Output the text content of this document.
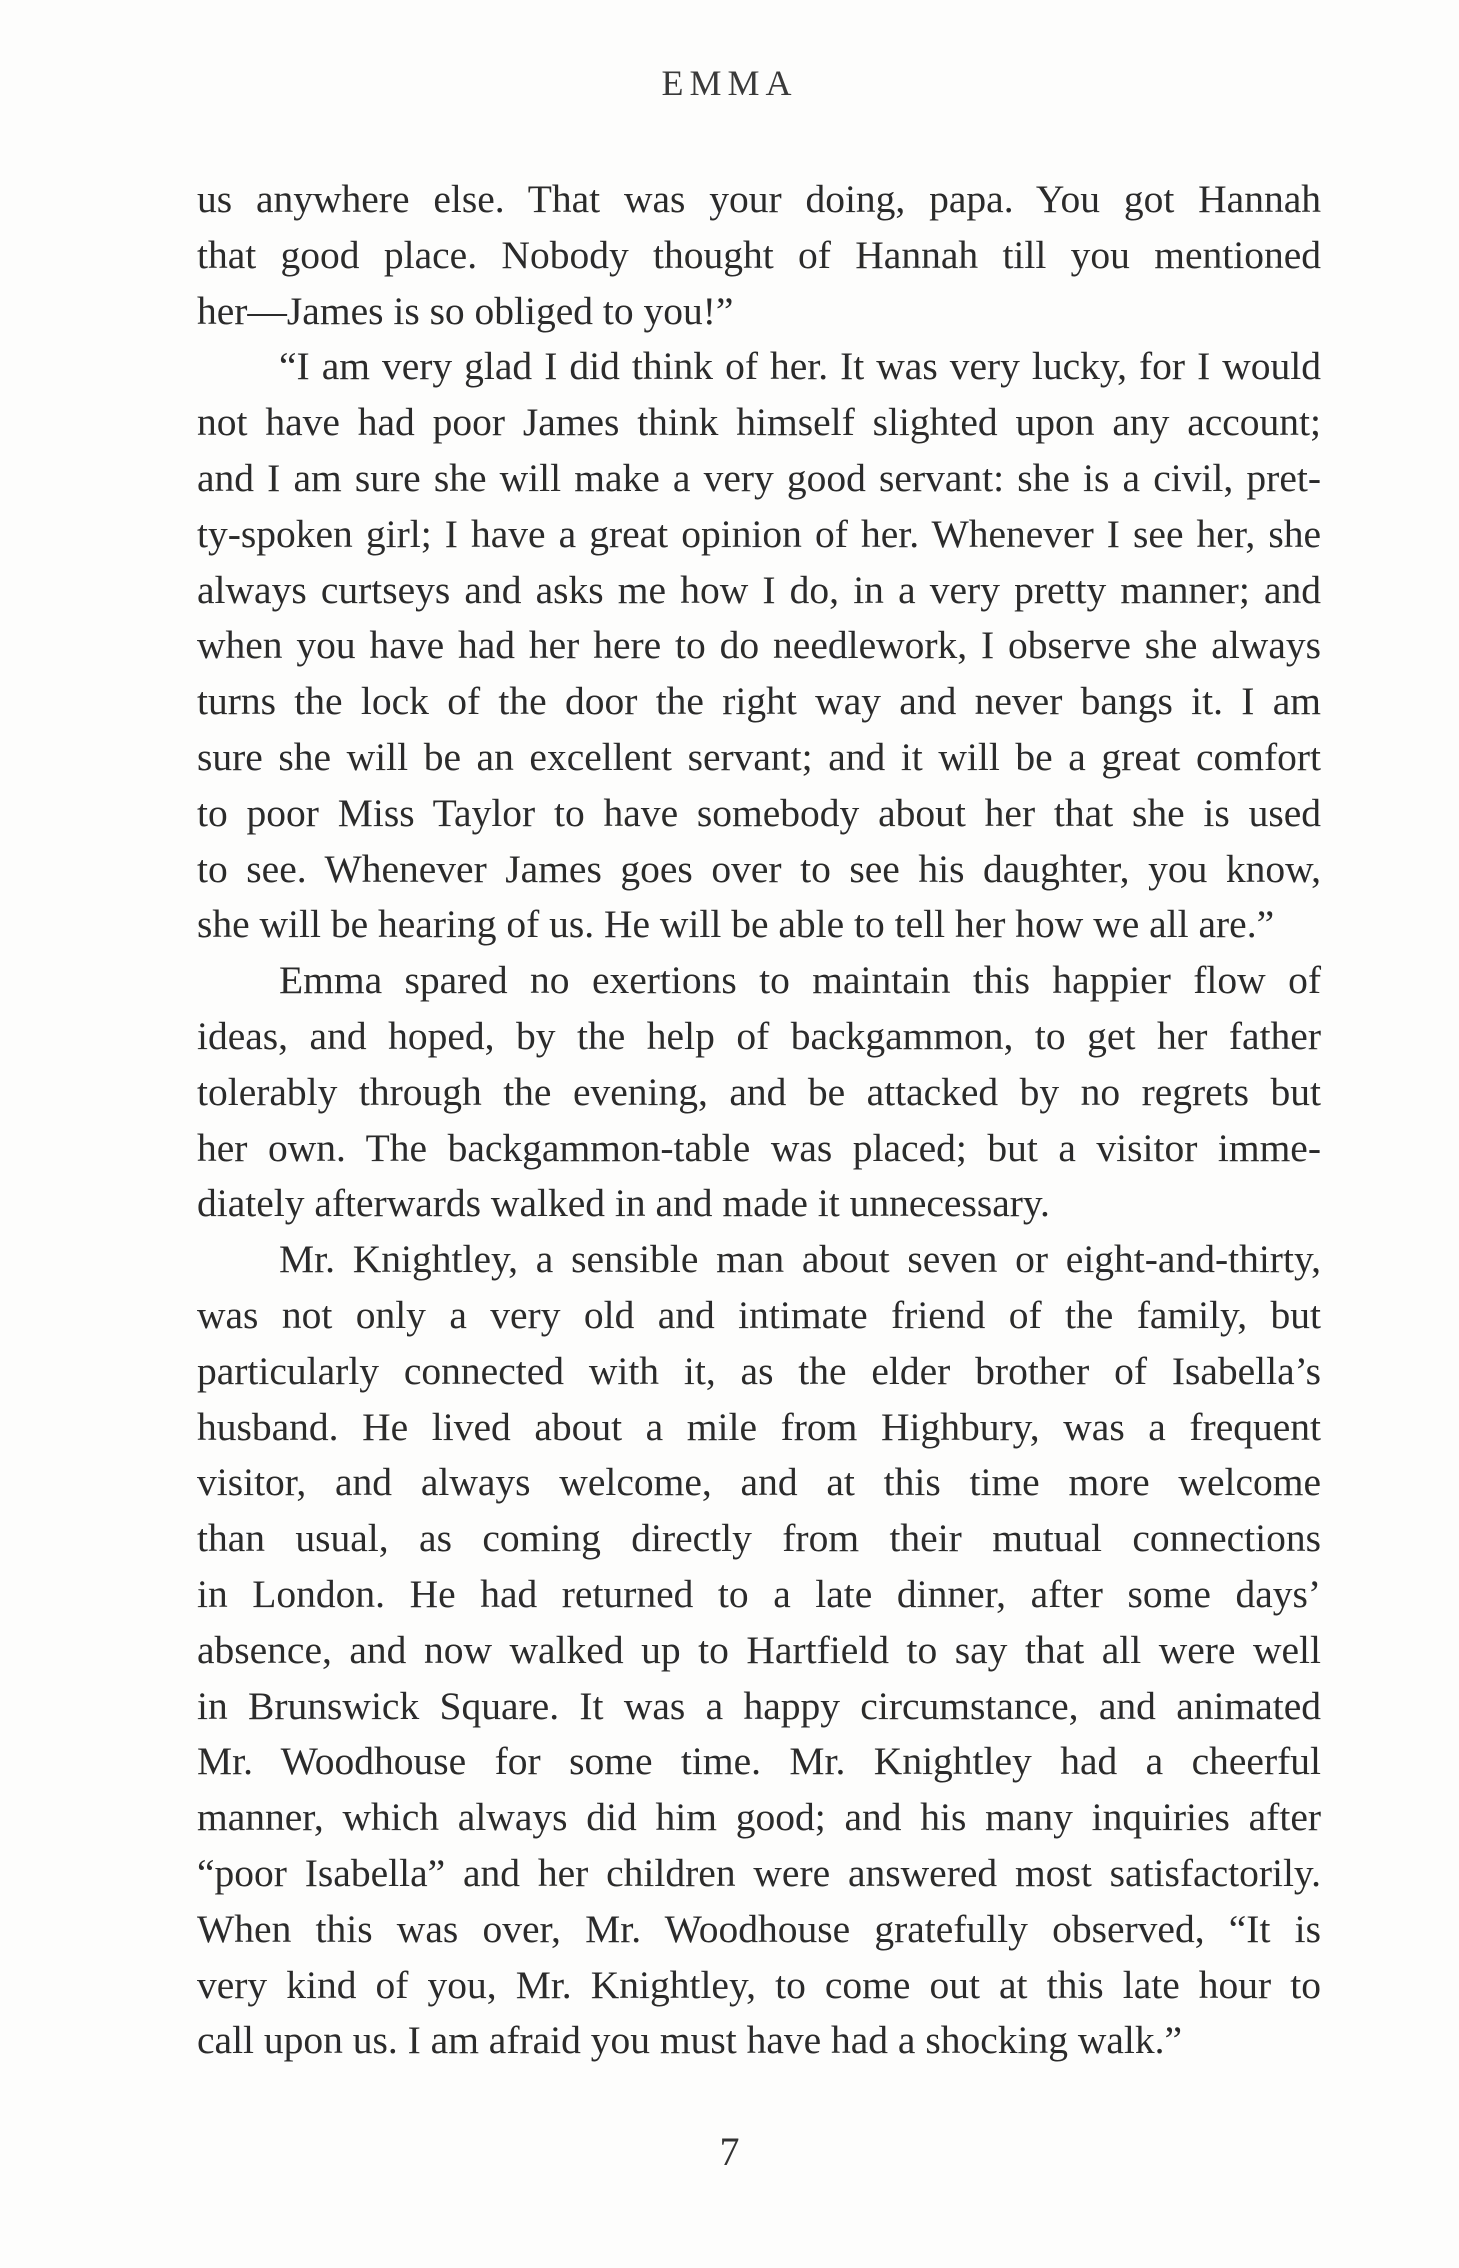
EMMA
us anywhere else. That was your doing, papa. You got Hannah
that good place. Nobody thought of Hannah till you mentioned
her—James is so obliged to you!”
“I am very glad I did think of her. It was very lucky, for I would
not have had poor James think himself slighted upon any account;
and I am sure she will make a very good servant: she is a civil, pret-
ty-spoken girl; I have a great opinion of her. Whenever I see her, she
always curtseys and asks me how I do, in a very pretty manner; and
when you have had her here to do needlework, I observe she always
turns the lock of the door the right way and never bangs it. I am
sure she will be an excellent servant; and it will be a great comfort
to poor Miss Taylor to have somebody about her that she is used
to see. Whenever James goes over to see his daughter, you know,
she will be hearing of us. He will be able to tell her how we all are.”
Emma spared no exertions to maintain this happier flow of
ideas, and hoped, by the help of backgammon, to get her father
tolerably through the evening, and be attacked by no regrets but
her own. The backgammon-table was placed; but a visitor imme-
diately afterwards walked in and made it unnecessary.
Mr. Knightley, a sensible man about seven or eight-and-thirty,
was not only a very old and intimate friend of the family, but
particularly connected with it, as the elder brother of Isabella’s
husband. He lived about a mile from Highbury, was a frequent
visitor, and always welcome, and at this time more welcome
than usual, as coming directly from their mutual connections
in London. He had returned to a late dinner, after some days’
absence, and now walked up to Hartfield to say that all were well
in Brunswick Square. It was a happy circumstance, and animated
Mr. Woodhouse for some time. Mr. Knightley had a cheerful
manner, which always did him good; and his many inquiries after
“poor Isabella” and her children were answered most satisfactorily.
When this was over, Mr. Woodhouse gratefully observed, “It is
very kind of you, Mr. Knightley, to come out at this late hour to
call upon us. I am afraid you must have had a shocking walk.”
7
